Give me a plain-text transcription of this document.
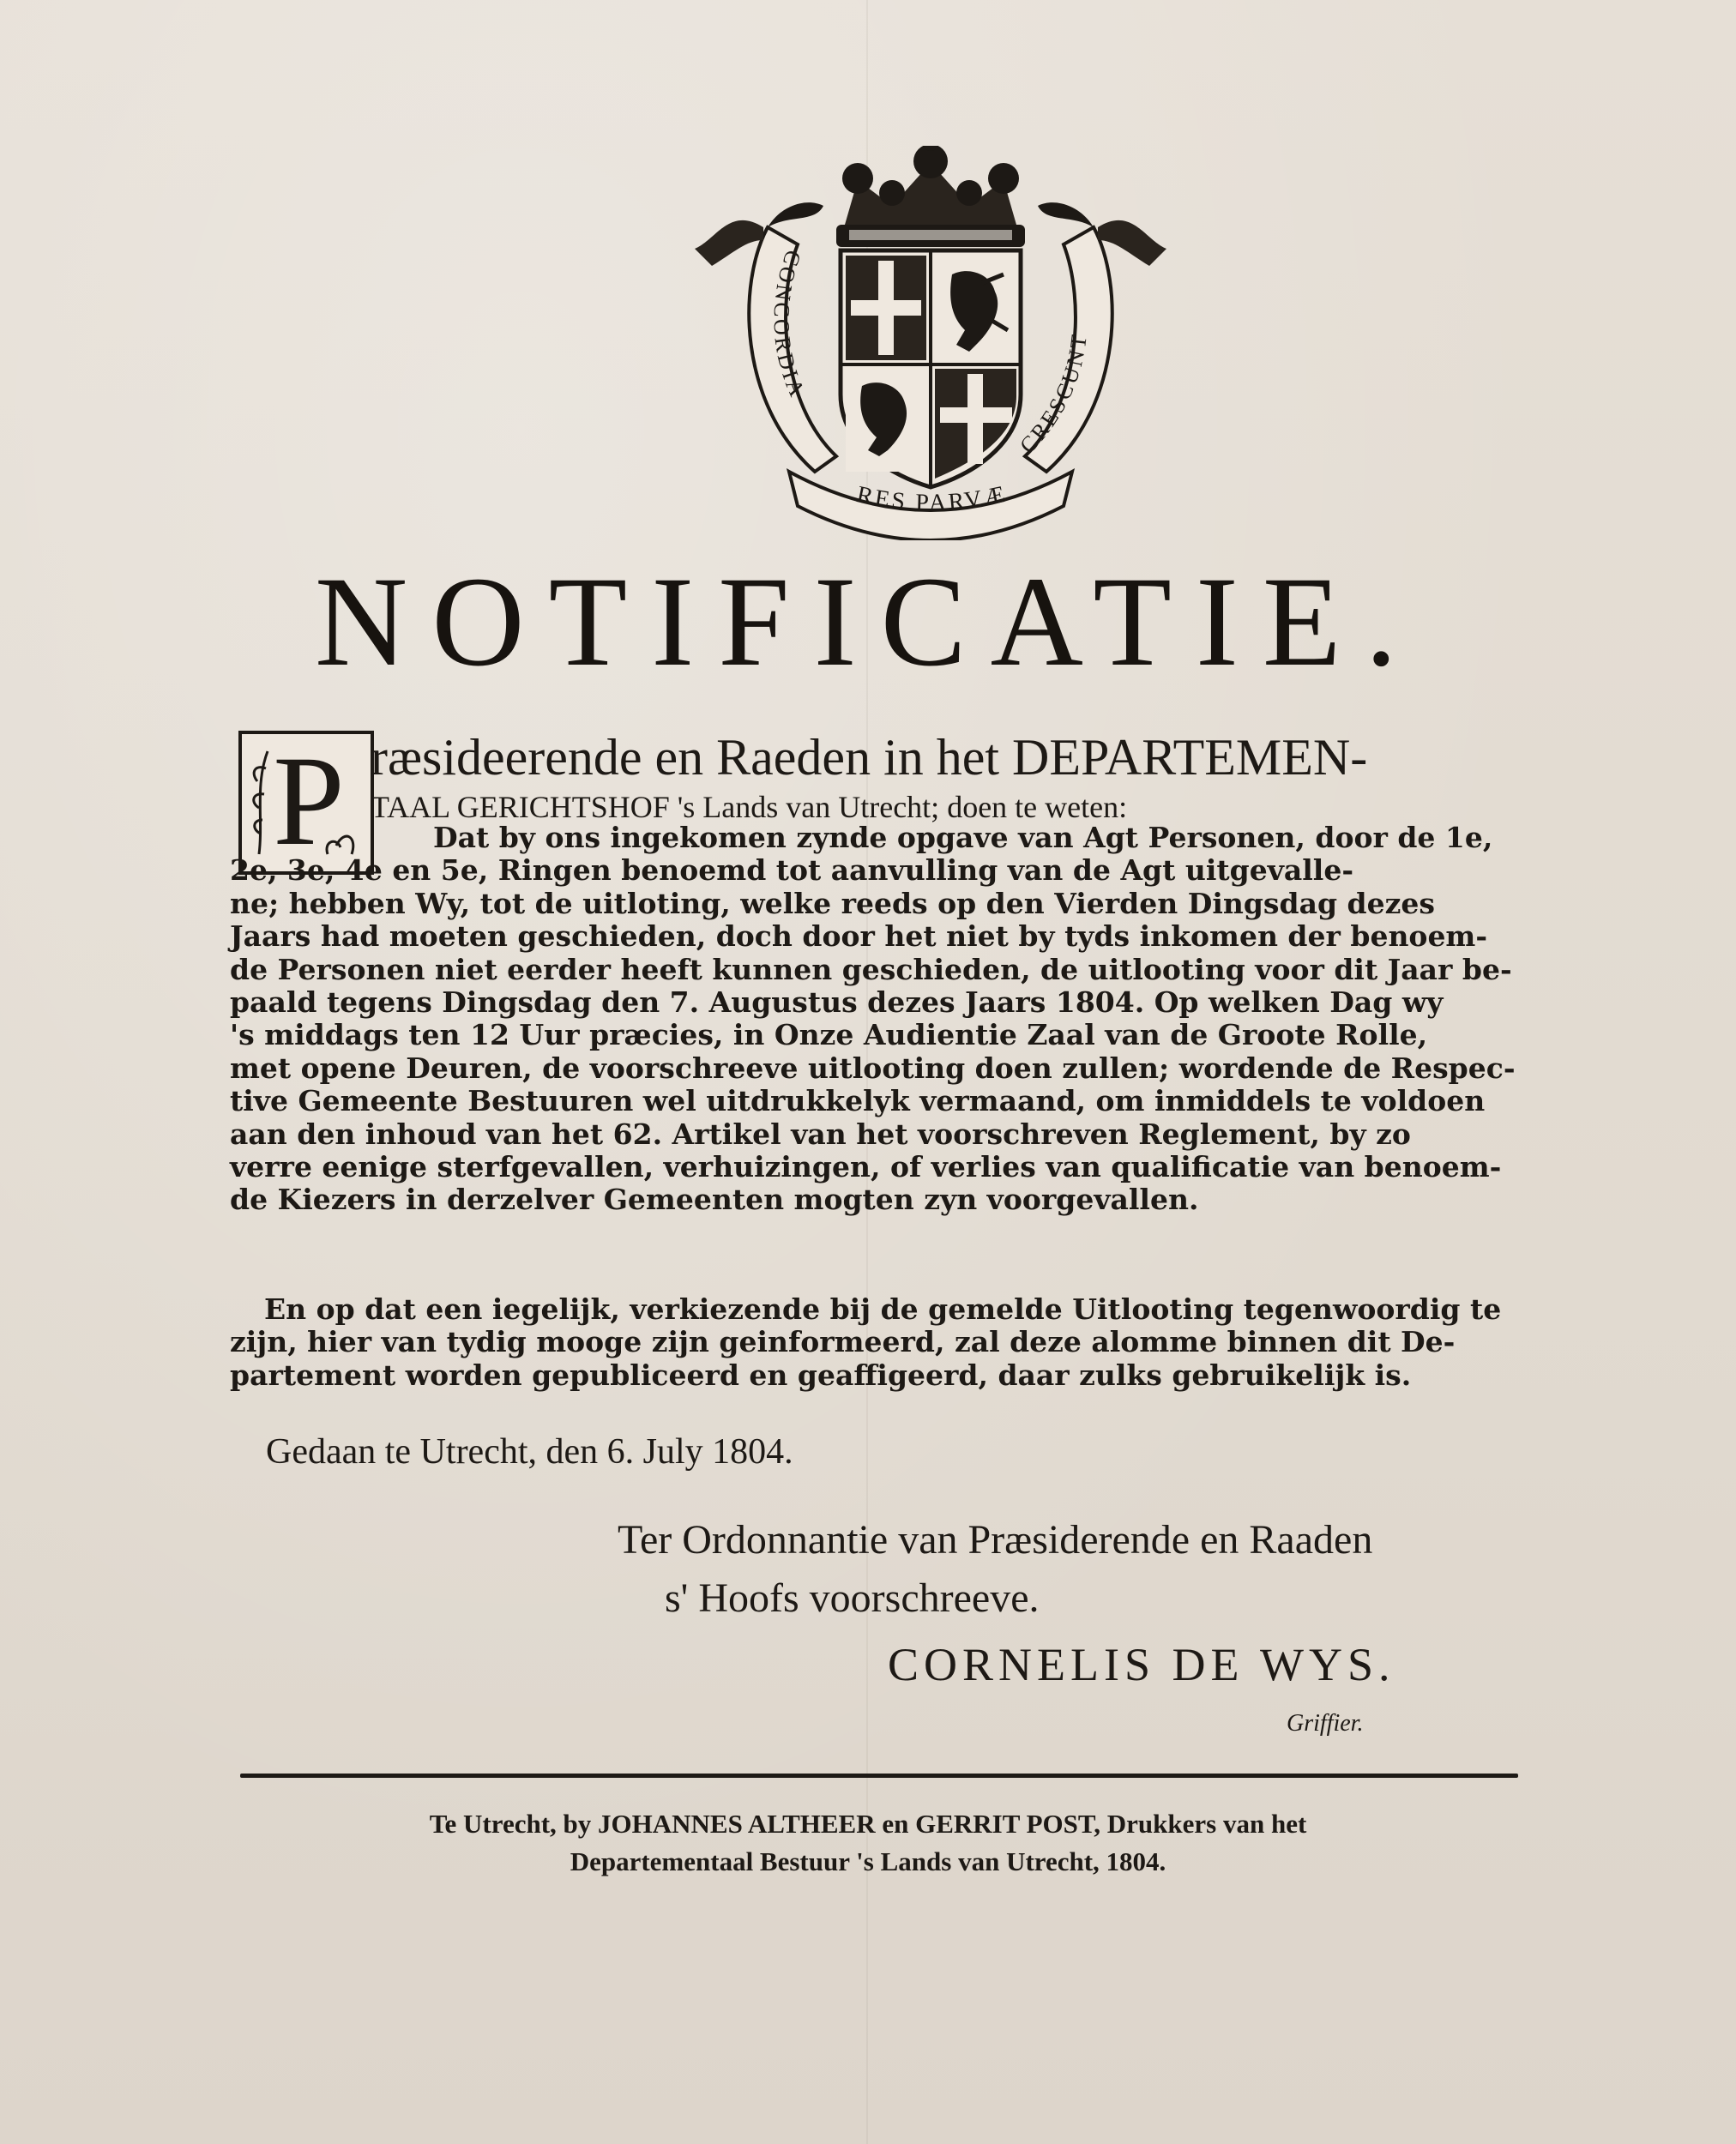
CONCORDIA
CRESCUNT
RES PARVÆ
NOTIFICATIE.
P ræsideerende en Raeden in het DEPARTEMEN-
TAAL GERICHTSHOF 's Lands van Utrecht; doen te weten:
Dat by ons ingekomen zynde opgave van Agt Personen, door de 1e,
2e, 3e, 4e en 5e, Ringen benoemd tot aanvulling van de Agt uitgevalle-
ne; hebben Wy, tot de uitloting, welke reeds op den Vierden Dingsdag dezes
Jaars had moeten geschieden, doch door het niet by tyds inkomen der benoem-
de Personen niet eerder heeft kunnen geschieden, de uitlooting voor dit Jaar be-
paald tegens Dingsdag den 7. Augustus dezes Jaars 1804. Op welken Dag wy
's middags ten 12 Uur præcies, in Onze Audientie Zaal van de Groote Rolle,
met opene Deuren, de voorschreeve uitlooting doen zullen; wordende de Respec-
tive Gemeente Bestuuren wel uitdrukkelyk vermaand, om inmiddels te voldoen
aan den inhoud van het 62. Artikel van het voorschreven Reglement, by zo
verre eenige sterfgevallen, verhuizingen, of verlies van qualificatie van benoem-
de Kiezers in derzelver Gemeenten mogten zyn voorgevallen.
En op dat een iegelijk, verkiezende bij de gemelde Uitlooting tegenwoordig te
zijn, hier van tydig mooge zijn geinformeerd, zal deze alomme binnen dit De-
partement worden gepubliceerd en geaffigeerd, daar zulks gebruikelijk is.
Gedaan te Utrecht, den 6. July 1804.
Ter Ordonnantie van Præsiderende en Raaden
s' Hoofs voorschreeve.
CORNELIS DE WYS.
Griffier.
Te Utrecht, by JOHANNES ALTHEER en GERRIT POST, Drukkers van het
Departementaal Bestuur 's Lands van Utrecht, 1804.
